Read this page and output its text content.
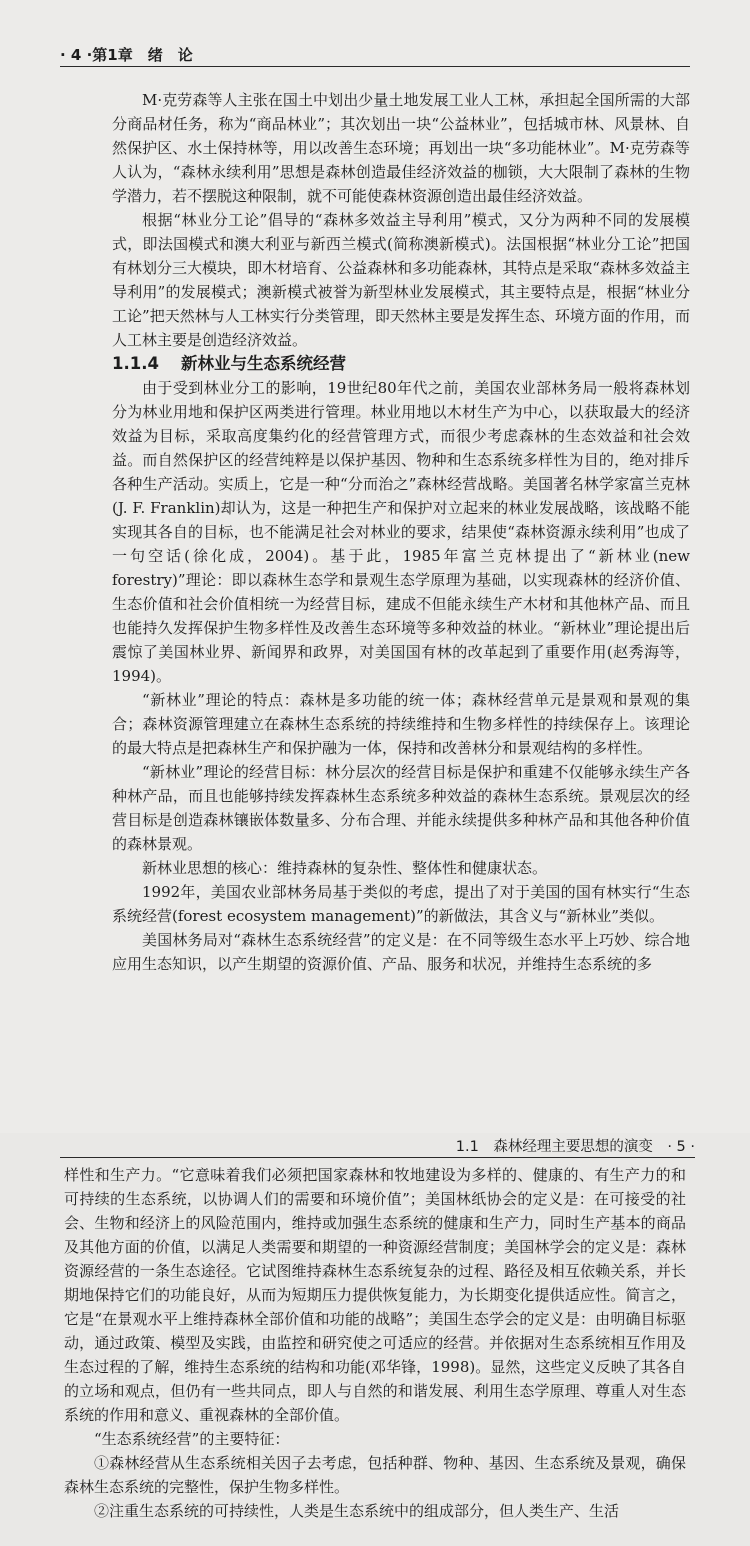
· 4 ·第1章　绪　论

M·克劳森等人主张在国土中划出少量土地发展工业人工林，承担起全国所需的大部分商品材任务，称为“商品林业”；其次划出一块“公益林业”，包括城市林、风景林、自然保护区、水土保持林等，用以改善生态环境；再划出一块“多功能林业”。M·克劳森等人认为，“森林永续利用”思想是森林创造最佳经济效益的枷锁，大大限制了森林的生物学潜力，若不摆脱这种限制，就不可能使森林资源创造出最佳经济效益。

根据“林业分工论”倡导的“森林多效益主导利用”模式，又分为两种不同的发展模式，即法国模式和澳大利亚与新西兰模式(简称澳新模式)。法国根据“林业分工论”把国有林划分三大模块，即木材培育、公益森林和多功能森林，其特点是采取“森林多效益主导利用”的发展模式；澳新模式被誉为新型林业发展模式，其主要特点是，根据“林业分工论”把天然林与人工林实行分类管理，即天然林主要是发挥生态、环境方面的作用，而人工林主要是创造经济效益。

1.1.4 新林业与生态系统经营

由于受到林业分工的影响，19世纪80年代之前，美国农业部林务局一般将森林划分为林业用地和保护区两类进行管理。林业用地以木材生产为中心，以获取最大的经济效益为目标，采取高度集约化的经营管理方式，而很少考虑森林的生态效益和社会效益。而自然保护区的经营纯粹是以保护基因、物种和生态系统多样性为目的，绝对排斥各种生产活动。实质上，它是一种“分而治之”森林经营战略。美国著名林学家富兰克林(J. F. Franklin)却认为，这是一种把生产和保护对立起来的林业发展战略，该战略不能实现其各自的目标，也不能满足社会对林业的要求，结果使“森林资源永续利用”也成了一句空话(徐化成，2004)。基于此，1985年富兰克林提出了“新林业(new forestry)”理论：即以森林生态学和景观生态学原理为基础，以实现森林的经济价值、生态价值和社会价值相统一为经营目标，建成不但能永续生产木材和其他林产品、而且也能持久发挥保护生物多样性及改善生态环境等多种效益的林业。“新林业”理论提出后震惊了美国林业界、新闻界和政界，对美国国有林的改革起到了重要作用(赵秀海等，1994)。

“新林业”理论的特点：森林是多功能的统一体；森林经营单元是景观和景观的集合；森林资源管理建立在森林生态系统的持续维持和生物多样性的持续保存上。该理论的最大特点是把森林生产和保护融为一体，保持和改善林分和景观结构的多样性。

“新林业”理论的经营目标：林分层次的经营目标是保护和重建不仅能够永续生产各种林产品，而且也能够持续发挥森林生态系统多种效益的森林生态系统。景观层次的经营目标是创造森林镶嵌体数量多、分布合理、并能永续提供多种林产品和其他各种价值的森林景观。

新林业思想的核心：维持森林的复杂性、整体性和健康状态。

1992年，美国农业部林务局基于类似的考虑，提出了对于美国的国有林实行“生态系统经营(forest ecosystem management)”的新做法，其含义与“新林业”类似。

美国林务局对“森林生态系统经营”的定义是：在不同等级生态水平上巧妙、综合地应用生态知识，以产生期望的资源价值、产品、服务和状况，并维持生态系统的多

1.1　森林经理主要思想的演变　· 5 ·

样性和生产力。“它意味着我们必须把国家森林和牧地建设为多样的、健康的、有生产力的和可持续的生态系统，以协调人们的需要和环境价值”；美国林纸协会的定义是：在可接受的社会、生物和经济上的风险范围内，维持或加强生态系统的健康和生产力，同时生产基本的商品及其他方面的价值，以满足人类需要和期望的一种资源经营制度；美国林学会的定义是：森林资源经营的一条生态途径。它试图维持森林生态系统复杂的过程、路径及相互依赖关系，并长期地保持它们的功能良好，从而为短期压力提供恢复能力，为长期变化提供适应性。简言之，它是“在景观水平上维持森林全部价值和功能的战略”；美国生态学会的定义是：由明确目标驱动，通过政策、模型及实践，由监控和研究使之可适应的经营。并依据对生态系统相互作用及生态过程的了解，维持生态系统的结构和功能(邓华锋，1998)。显然，这些定义反映了其各自的立场和观点，但仍有一些共同点，即人与自然的和谐发展、利用生态学原理、尊重人对生态系统的作用和意义、重视森林的全部价值。

“生态系统经营”的主要特征：

①森林经营从生态系统相关因子去考虑，包括种群、物种、基因、生态系统及景观，确保森林生态系统的完整性，保护生物多样性。

②注重生态系统的可持续性，人类是生态系统中的组成部分，但人类生产、生活
